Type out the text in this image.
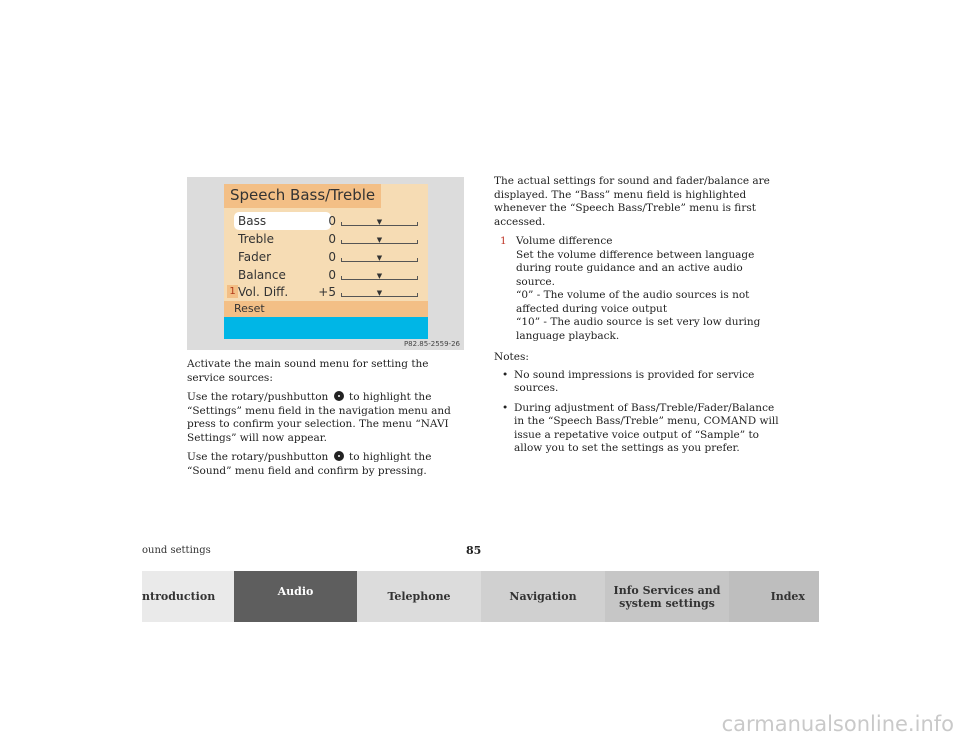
Speech Bass/Treble
Bass	0	▼
Treble	0	▼
Fader	0	▼
Balance	0	▼
Vol. Diff.	+5	▼
1
Reset
P82.85-2559-26

Activate the main sound menu for setting the service sources:

Use the rotary/pushbutton to highlight the “Settings” menu field in the navigation menu and press to confirm your selection. The menu “NAVI Settings” will now appear.

Use the rotary/pushbutton to highlight the “Sound” menu field and confirm by pressing.

The actual settings for sound and fader/balance are displayed. The “Bass” menu field is highlighted whenever the “Speech Bass/Treble” menu is first accessed.

1 Volume difference
Set the volume difference between language during route guidance and an active audio source.
“0” - The volume of the audio sources is not affected during voice output
“10” - The audio source is set very low during language playback.
Notes:
• No sound impressions is provided for service sources.
• During adjustment of Bass/Treble/Fader/Balance in the “Speech Bass/Treble” menu, COMAND will issue a repetative voice output of “Sample” to allow you to set the settings as you prefer.
ound settings	85
ntroduction	Audio	Telephone	Navigation	Info Services and system settings	Index
carmanualsonline.info
